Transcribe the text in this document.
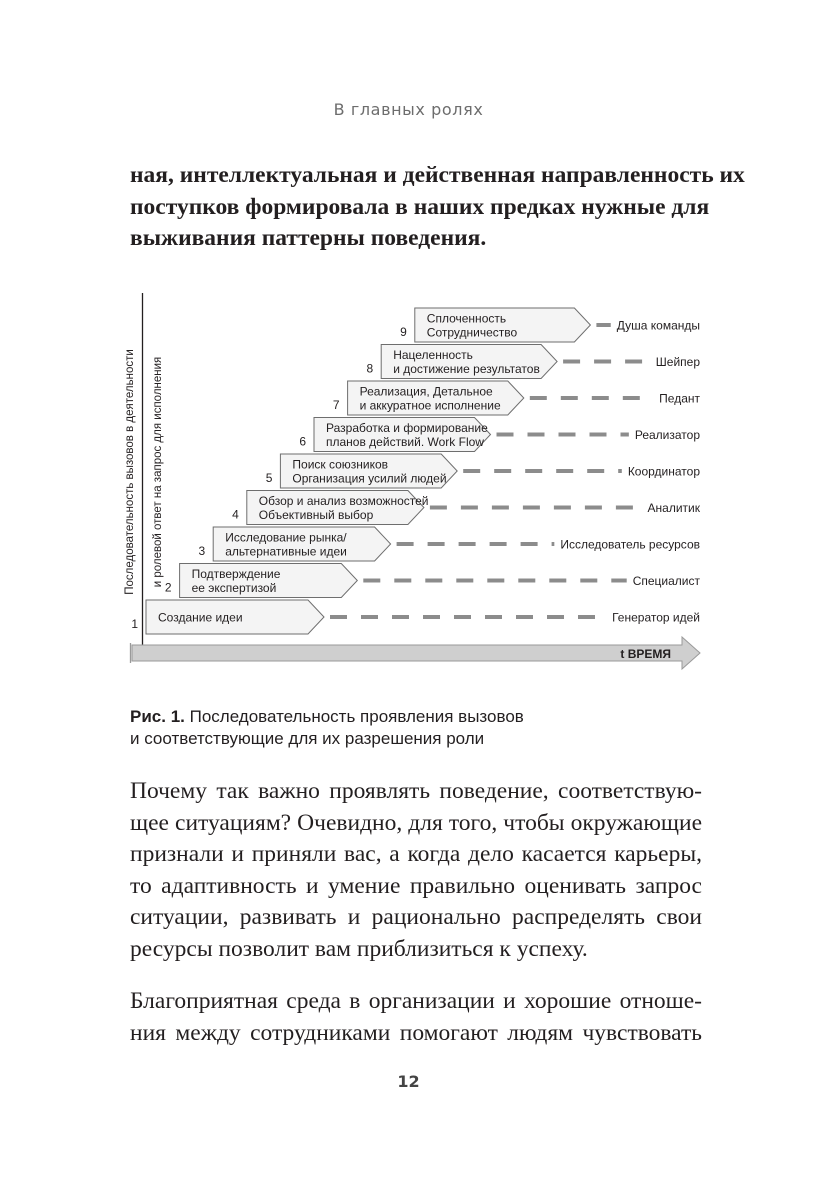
В главных ролях

ная, интеллектуальная и действенная направленность их
поступков формировала в наших предках нужные для
выживания паттерны поведения.

Последовательность вызовов в деятельности и ролевой ответ на запрос для исполнения
t ВРЕМЯ
1 Создание идеи	Генератор идей
2
Подтверждение
ее экспертизой	Специалист
3
Исследование рынка/
альтернативные идеи	Исследователь ресурсов
4
Обзор и анализ возможностей
Объективный выбор	Аналитик
5
Поиск союзников
Организация усилий людей	Координатор
6
Разработка и формирование
планов действий. Work Flow	Реализатор
7
Реализация, Детальное
и аккуратное исполнение	Педант
8
Нацеленность
и достижение результатов	Шейпер
9
Сплоченность
Сотрудничество	Душа команды
Рис. 1. Последовательность проявления вызовов
и соответствующие для их разрешения роли

Почему так важно проявлять поведение, соответствую-
щее ситуациям? Очевидно, для того, чтобы окружающие
признали и приняли вас, а когда дело касается карьеры,
то адаптивность и умение правильно оценивать запрос
ситуации, развивать и рационально распределять свои
ресурсы позволит вам приблизиться к успеху.

Благоприятная среда в организации и хорошие отноше-
ния между сотрудниками помогают людям чувствовать

12
